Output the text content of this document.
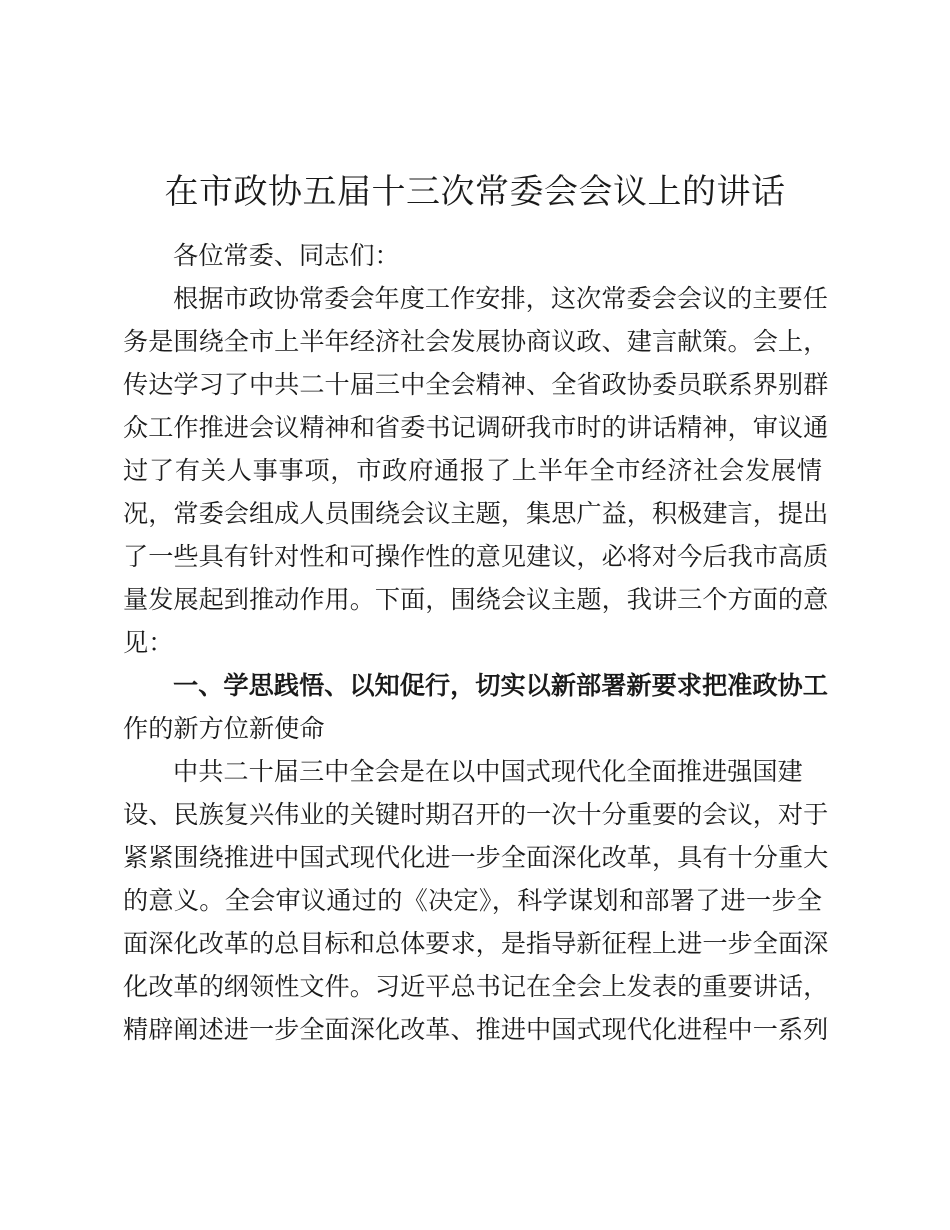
在市政协五届十三次常委会会议上的讲话
各位常委、同志们：
根据市政协常委会年度工作安排，这次常委会会议的主要任
务是围绕全市上半年经济社会发展协商议政、建言献策。会上，
传达学习了中共二十届三中全会精神、全省政协委员联系界别群
众工作推进会议精神和省委书记调研我市时的讲话精神，审议通
过了有关人事事项，市政府通报了上半年全市经济社会发展情
况，常委会组成人员围绕会议主题，集思广益，积极建言，提出
了一些具有针对性和可操作性的意见建议，必将对今后我市高质
量发展起到推动作用。下面，围绕会议主题，我讲三个方面的意
见：
一、学思践悟、以知促行，切实以新部署新要求把准政协工
作的新方位新使命
中共二十届三中全会是在以中国式现代化全面推进强国建
设、民族复兴伟业的关键时期召开的一次十分重要的会议，对于
紧紧围绕推进中国式现代化进一步全面深化改革，具有十分重大
的意义。全会审议通过的《决定》，科学谋划和部署了进一步全
面深化改革的总目标和总体要求，是指导新征程上进一步全面深
化改革的纲领性文件。习近平总书记在全会上发表的重要讲话，
精辟阐述进一步全面深化改革、推进中国式现代化进程中一系列
